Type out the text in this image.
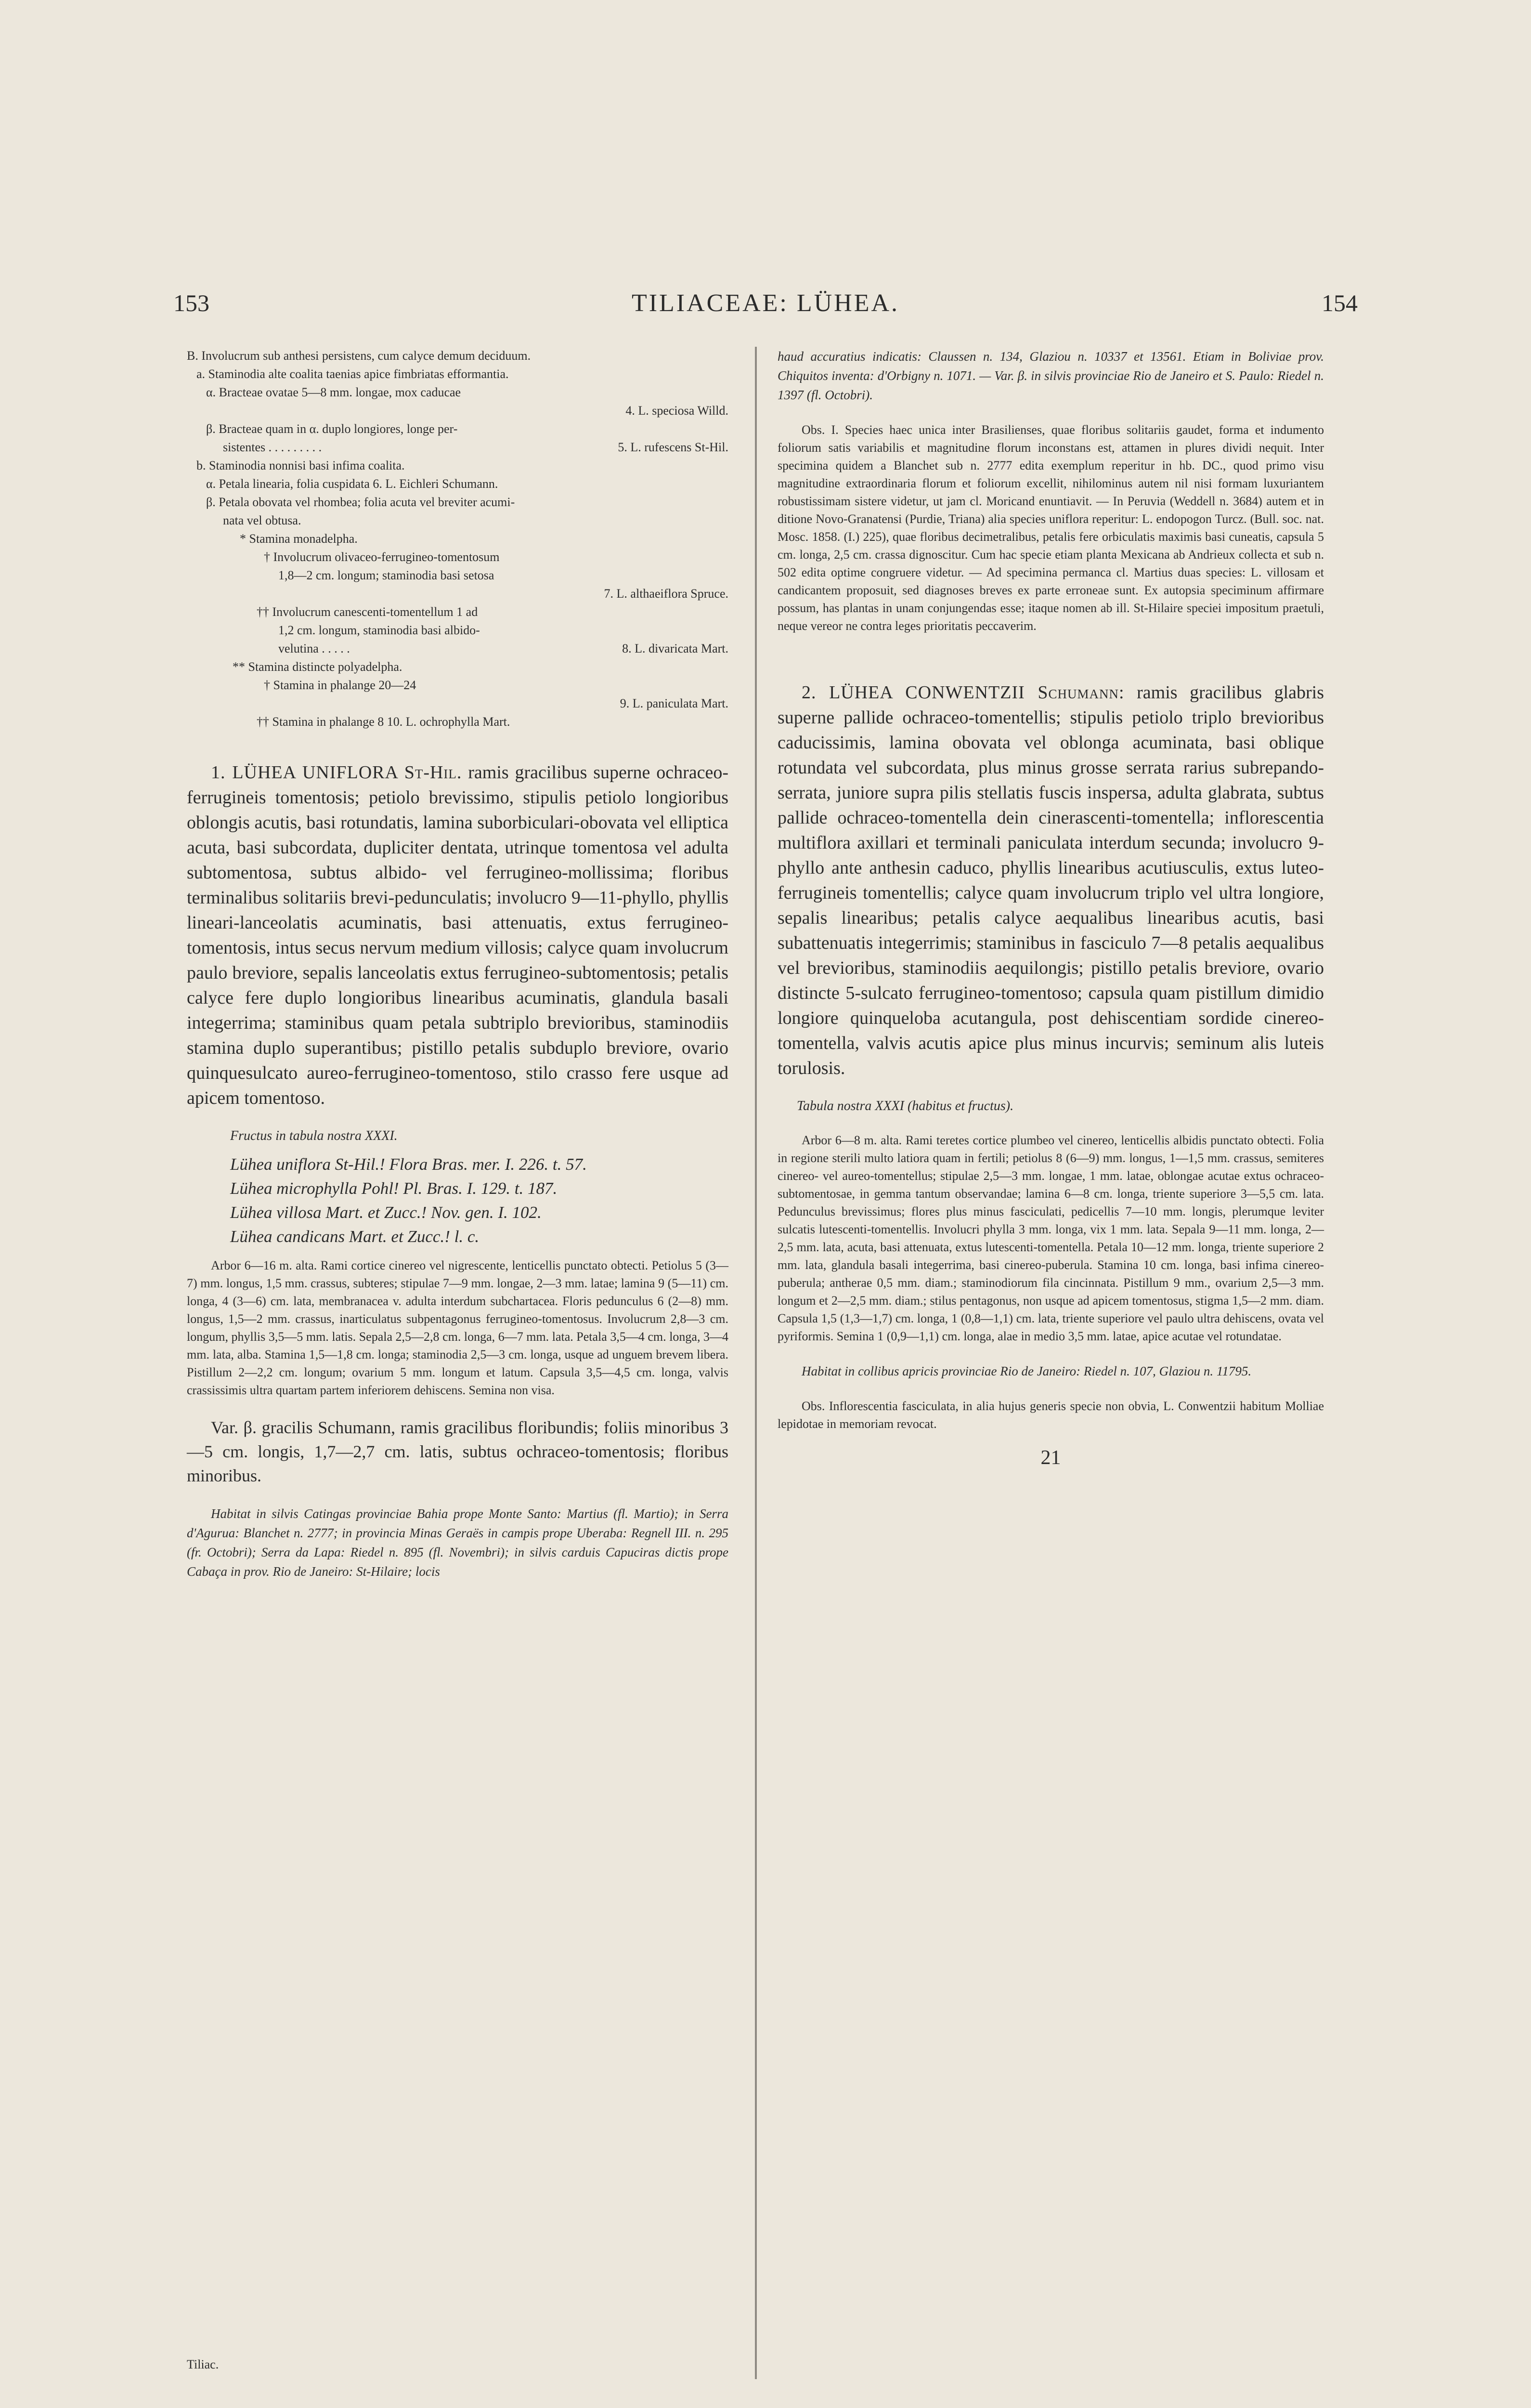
153	TILIACEAE: LÜHEA.	154
B. Involucrum sub anthesi persistens, cum calyce demum deciduum.
a. Staminodia alte coalita taenias apice fimbriatas efformantia.
α. Bracteae ovatae 5—8 mm. longae, mox caducae
4. L. speciosa Willd.
β. Bracteae quam in α. duplo longiores, longe per-
sistentes . . . . . . . . .	5. L. rufescens St-Hil.
b. Staminodia nonnisi basi infima coalita.
α. Petala linearia, folia cuspidata 6. L. Eichleri Schumann.
β. Petala obovata vel rhombea; folia acuta vel breviter acumi-
nata vel obtusa.
* Stamina monadelpha.
† Involucrum olivaceo-ferrugineo-tomentosum
1,8—2 cm. longum; staminodia basi setosa
7. L. althaeiflora Spruce.
†† Involucrum canescenti-tomentellum 1 ad
1,2 cm. longum, staminodia basi albido-
velutina . . . . .	8. L. divaricata Mart.
** Stamina distincte polyadelpha.
† Stamina in phalange 20—24
9. L. paniculata Mart.
†† Stamina in phalange 8 10. L. ochrophylla Mart.

1. LÜHEA UNIFLORA St-Hil. ramis gracilibus superne ochraceo-ferrugineis tomentosis; petiolo brevissimo, stipulis petiolo longioribus oblongis acutis, basi rotundatis, lamina suborbiculari-obovata vel elliptica acuta, basi subcordata, dupliciter dentata, utrinque tomentosa vel adulta subtomentosa, subtus albido- vel ferrugineo-mollissima; floribus terminalibus solitariis brevi-pedunculatis; involucro 9—11-phyllo, phyllis lineari-lanceolatis acuminatis, basi attenuatis, extus ferrugineo-tomentosis, intus secus nervum medium villosis; calyce quam involucrum paulo breviore, sepalis lanceolatis extus ferrugineo-subtomentosis; petalis calyce fere duplo longioribus linearibus acuminatis, glandula basali integerrima; staminibus quam petala subtriplo brevioribus, staminodiis stamina duplo superantibus; pistillo petalis subduplo breviore, ovario quinquesulcato aureo-ferrugineo-tomentoso, stilo crasso fere usque ad apicem tomentoso.

Fructus in tabula nostra XXXI.

Lühea uniflora St-Hil.! Flora Bras. mer. I. 226. t. 57.

Lühea microphylla Pohl! Pl. Bras. I. 129. t. 187.

Lühea villosa Mart. et Zucc.! Nov. gen. I. 102.

Lühea candicans Mart. et Zucc.! l. c.

Arbor 6—16 m. alta. Rami cortice cinereo vel nigrescente, lenticellis punctato obtecti. Petiolus 5 (3—7) mm. longus, 1,5 mm. crassus, subteres; stipulae 7—9 mm. longae, 2—3 mm. latae; lamina 9 (5—11) cm. longa, 4 (3—6) cm. lata, membranacea v. adulta interdum subchartacea. Floris pedunculus 6 (2—8) mm. longus, 1,5—2 mm. crassus, inarticulatus subpentagonus ferrugineo-tomentosus. Involucrum 2,8—3 cm. longum, phyllis 3,5—5 mm. latis. Sepala 2,5—2,8 cm. longa, 6—7 mm. lata. Petala 3,5—4 cm. longa, 3—4 mm. lata, alba. Stamina 1,5—1,8 cm. longa; staminodia 2,5—3 cm. longa, usque ad unguem brevem libera. Pistillum 2—2,2 cm. longum; ovarium 5 mm. longum et latum. Capsula 3,5—4,5 cm. longa, valvis crassissimis ultra quartam partem inferiorem dehiscens. Semina non visa.

Var. β. gracilis Schumann, ramis gracilibus floribundis; foliis minoribus 3—5 cm. longis, 1,7—2,7 cm. latis, subtus ochraceo-tomentosis; floribus minoribus.

Habitat in silvis Catingas provinciae Bahia prope Monte Santo: Martius (fl. Martio); in Serra d'Agurua: Blanchet n. 2777; in provincia Minas Geraës in campis prope Uberaba: Regnell III. n. 295 (fr. Octobri); Serra da Lapa: Riedel n. 895 (fl. Novembri); in silvis carduis Capuciras dictis prope Cabaça in prov. Rio de Janeiro: St-Hilaire; locis

haud accuratius indicatis: Claussen n. 134, Glaziou n. 10337 et 13561. Etiam in Boliviae prov. Chiquitos inventa: d'Orbigny n. 1071. — Var. β. in silvis provinciae Rio de Janeiro et S. Paulo: Riedel n. 1397 (fl. Octobri).

Obs. I. Species haec unica inter Brasilienses, quae floribus solitariis gaudet, forma et indumento foliorum satis variabilis et magnitudine florum inconstans est, attamen in plures dividi nequit. Inter specimina quidem a Blanchet sub n. 2777 edita exemplum reperitur in hb. DC., quod primo visu magnitudine extraordinaria florum et foliorum excellit, nihilominus autem nil nisi formam luxuriantem robustissimam sistere videtur, ut jam cl. Moricand enuntiavit. — In Peruvia (Weddell n. 3684) autem et in ditione Novo-Granatensi (Purdie, Triana) alia species uniflora reperitur: L. endopogon Turcz. (Bull. soc. nat. Mosc. 1858. (I.) 225), quae floribus decimetralibus, petalis fere orbiculatis maximis basi cuneatis, capsula 5 cm. longa, 2,5 cm. crassa dignoscitur. Cum hac specie etiam planta Mexicana ab Andrieux collecta et sub n. 502 edita optime congruere videtur. — Ad specimina permanca cl. Martius duas species: L. villosam et candicantem proposuit, sed diagnoses breves ex parte erroneae sunt. Ex autopsia speciminum affirmare possum, has plantas in unam conjungendas esse; itaque nomen ab ill. St-Hilaire speciei impositum praetuli, neque vereor ne contra leges prioritatis peccaverim.

2. LÜHEA CONWENTZII Schumann: ramis gracilibus glabris superne pallide ochraceo-tomentellis; stipulis petiolo triplo brevioribus caducissimis, lamina obovata vel oblonga acuminata, basi oblique rotundata vel subcordata, plus minus grosse serrata rarius subrepando-serrata, juniore supra pilis stellatis fuscis inspersa, adulta glabrata, subtus pallide ochraceo-tomentella dein cinerascenti-tomentella; inflorescentia multiflora axillari et terminali paniculata interdum secunda; involucro 9-phyllo ante anthesin caduco, phyllis linearibus acutiusculis, extus luteo-ferrugineis tomentellis; calyce quam involucrum triplo vel ultra longiore, sepalis linearibus; petalis calyce aequalibus linearibus acutis, basi subattenuatis integerrimis; staminibus in fasciculo 7—8 petalis aequalibus vel brevioribus, staminodiis aequilongis; pistillo petalis breviore, ovario distincte 5-sulcato ferrugineo-tomentoso; capsula quam pistillum dimidio longiore quinqueloba acutangula, post dehiscentiam sordide cinereo-tomentella, valvis acutis apice plus minus incurvis; seminum alis luteis torulosis.

Tabula nostra XXXI (habitus et fructus).

Arbor 6—8 m. alta. Rami teretes cortice plumbeo vel cinereo, lenticellis albidis punctato obtecti. Folia in regione sterili multo latiora quam in fertili; petiolus 8 (6—9) mm. longus, 1—1,5 mm. crassus, semiteres cinereo- vel aureo-tomentellus; stipulae 2,5—3 mm. longae, 1 mm. latae, oblongae acutae extus ochraceo-subtomentosae, in gemma tantum observandae; lamina 6—8 cm. longa, triente superiore 3—5,5 cm. lata. Pedunculus brevissimus; flores plus minus fasciculati, pedicellis 7—10 mm. longis, plerumque leviter sulcatis lutescenti-tomentellis. Involucri phylla 3 mm. longa, vix 1 mm. lata. Sepala 9—11 mm. longa, 2—2,5 mm. lata, acuta, basi attenuata, extus lutescenti-tomentella. Petala 10—12 mm. longa, triente superiore 2 mm. lata, glandula basali integerrima, basi cinereo-puberula. Stamina 10 cm. longa, basi infima cinereo-puberula; antherae 0,5 mm. diam.; staminodiorum fila cincinnata. Pistillum 9 mm., ovarium 2,5—3 mm. longum et 2—2,5 mm. diam.; stilus pentagonus, non usque ad apicem tomentosus, stigma 1,5—2 mm. diam. Capsula 1,5 (1,3—1,7) cm. longa, 1 (0,8—1,1) cm. lata, triente superiore vel paulo ultra dehiscens, ovata vel pyriformis. Semina 1 (0,9—1,1) cm. longa, alae in medio 3,5 mm. latae, apice acutae vel rotundatae.

Habitat in collibus apricis provinciae Rio de Janeiro: Riedel n. 107, Glaziou n. 11795.

Obs. Inflorescentia fasciculata, in alia hujus generis specie non obvia, L. Conwentzii habitum Molliae lepidotae in memoriam revocat.

21

Tiliac.
